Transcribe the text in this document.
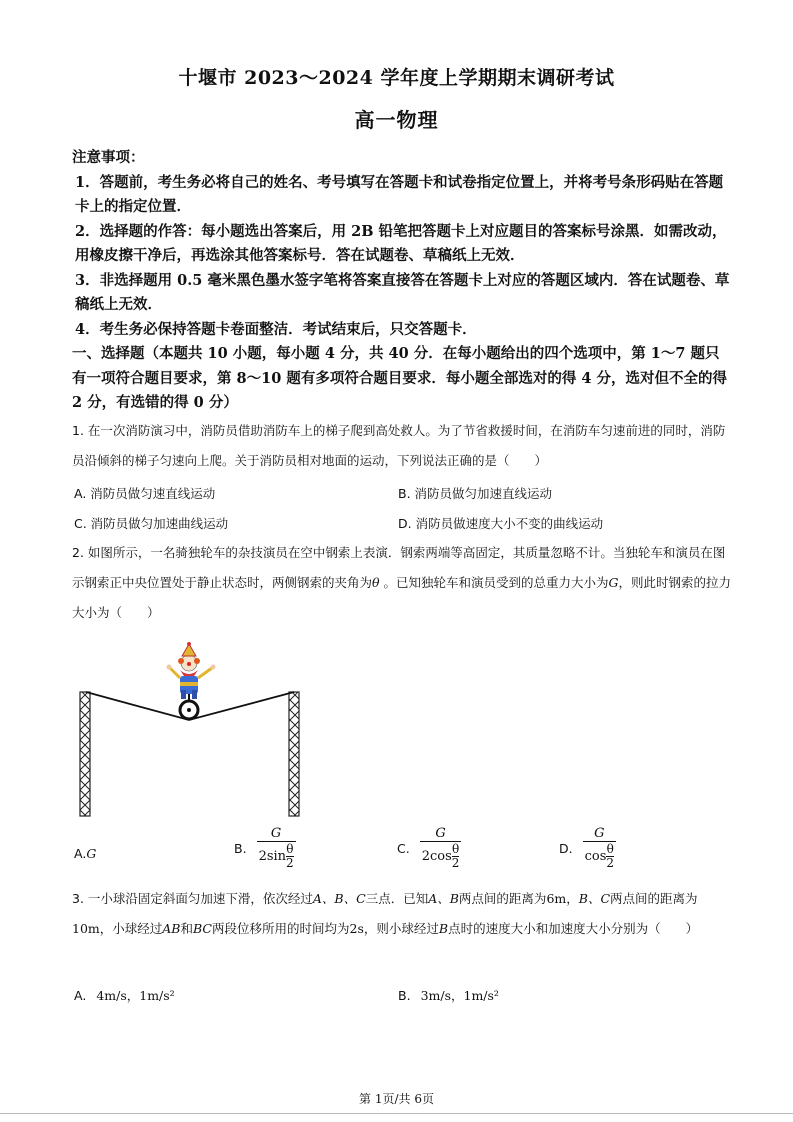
十堰市 2023～2024 学年度上学期期末调研考试
高一物理
注意事项：
1．答题前，考生务必将自己的姓名、考号填写在答题卡和试卷指定位置上，并将考号条形码贴在答题卡上的指定位置．
2．选择题的作答：每小题选出答案后，用 2B 铅笔把答题卡上对应题目的答案标号涂黑．如需改动，用橡皮擦干净后，再选涂其他答案标号．答在试题卷、草稿纸上无效．
3．非选择题用 0.5 毫米黑色墨水签字笔将答案直接答在答题卡上对应的答题区域内．答在试题卷、草稿纸上无效．
4．考生务必保持答题卡卷面整洁．考试结束后，只交答题卡．
一、选择题（本题共 10 小题，每小题 4 分，共 40 分．在每小题给出的四个选项中，第 1～7 题只有一项符合题目要求，第 8～10 题有多项符合题目要求．每小题全部选对的得 4 分，选对但不全的得 2 分，有选错的得 0 分）
1. 在一次消防演习中，消防员借助消防车上的梯子爬到高处救人。为了节省救援时间，在消防车匀速前进的同时，消防员沿倾斜的梯子匀速向上爬。关于消防员相对地面的运动，下列说法正确的是（　　）
A. 消防员做匀速直线运动	B. 消防员做匀加速直线运动
C. 消防员做匀加速曲线运动	D. 消防员做速度大小不变的曲线运动
2. 如图所示，一名骑独轮车的杂技演员在空中钢索上表演．钢索两端等高固定，其质量忽略不计。当独轮车和演员在图示钢索正中央位置处于静止状态时，两侧钢索的夹角为θ 。已知独轮车和演员受到的总重力大小为G，则此时钢索的拉力大小为（　　）
A.G	B. $\frac{G}{2\sin \frac{\theta}{2}}$	C. $\frac{G}{2\cos \frac{\theta}{2}}$	D. $\frac{G}{\cos \frac{\theta}{2}}$
3. 一小球沿固定斜面匀加速下滑，依次经过A、B、C三点．已知A、B两点间的距离为6m，B、C两点间的距离为10m，小球经过AB和BC两段位移所用的时间均为2s，则小球经过B点时的速度大小和加速度大小分别为（　　）
A. 4m/s，1m/s²	B. 3m/s，1m/s²
第 1页/共 6页
